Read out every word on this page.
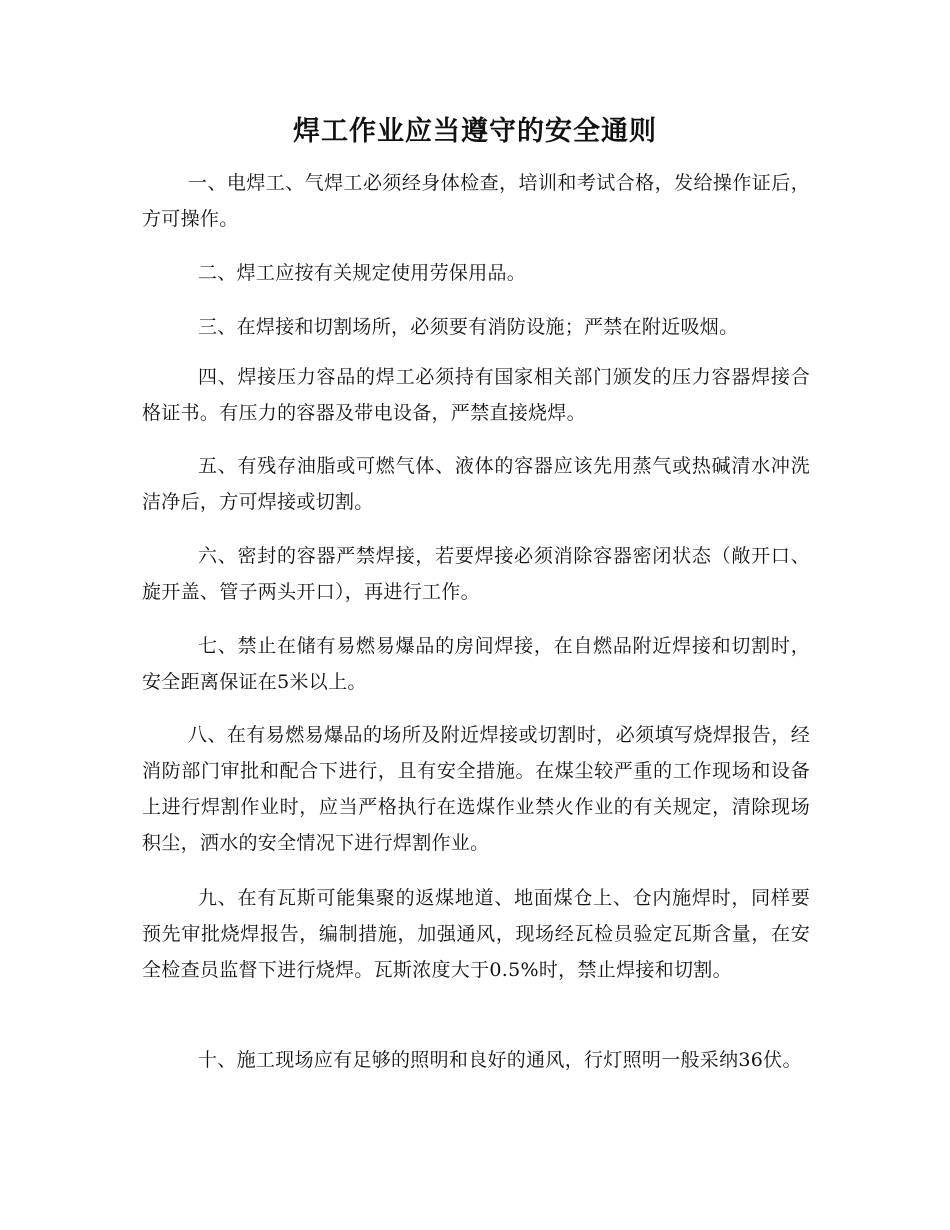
焊工作业应当遵守的安全通则

一、电焊工、气焊工必须经身体检查，培训和考试合格，发给操作证后，方可操作。

二、焊工应按有关规定使用劳保用品。

三、在焊接和切割场所，必须要有消防设施；严禁在附近吸烟。

四、焊接压力容品的焊工必须持有国家相关部门颁发的压力容器焊接合格证书。有压力的容器及带电设备，严禁直接烧焊。

五、有残存油脂或可燃气体、液体的容器应该先用蒸气或热碱清水冲洗洁净后，方可焊接或切割。

六、密封的容器严禁焊接，若要焊接必须消除容器密闭状态（敞开口、旋开盖、管子两头开口），再进行工作。

七、禁止在储有易燃易爆品的房间焊接，在自燃品附近焊接和切割时，安全距离保证在5米以上。

八、在有易燃易爆品的场所及附近焊接或切割时，必须填写烧焊报告，经消防部门审批和配合下进行，且有安全措施。在煤尘较严重的工作现场和设备上进行焊割作业时，应当严格执行在选煤作业禁火作业的有关规定，清除现场积尘，洒水的安全情况下进行焊割作业。

九、在有瓦斯可能集聚的返煤地道、地面煤仓上、仓内施焊时，同样要预先审批烧焊报告，编制措施，加强通风，现场经瓦检员验定瓦斯含量，在安全检查员监督下进行烧焊。瓦斯浓度大于0.5%时，禁止焊接和切割。

十、施工现场应有足够的照明和良好的通风，行灯照明一般采纳36伏。
